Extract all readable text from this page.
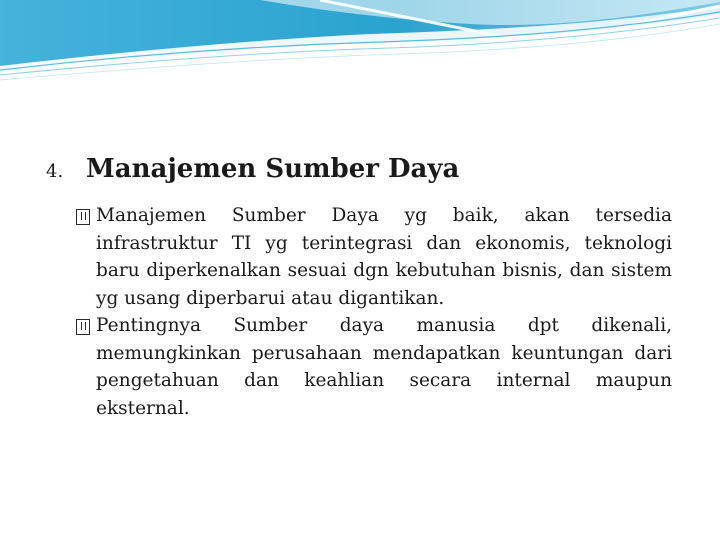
4. Manajemen Sumber Daya
Manajemen Sumber Daya yg baik, akan tersedia infrastruktur TI yg terintegrasi dan ekonomis, teknologi baru diperkenalkan sesuai dgn kebutuhan bisnis, dan sistem yg usang diperbarui atau digantikan.
Pentingnya Sumber daya manusia dpt dikenali, memungkinkan perusahaan mendapatkan keuntungan dari pengetahuan dan keahlian secara internal maupun eksternal.
